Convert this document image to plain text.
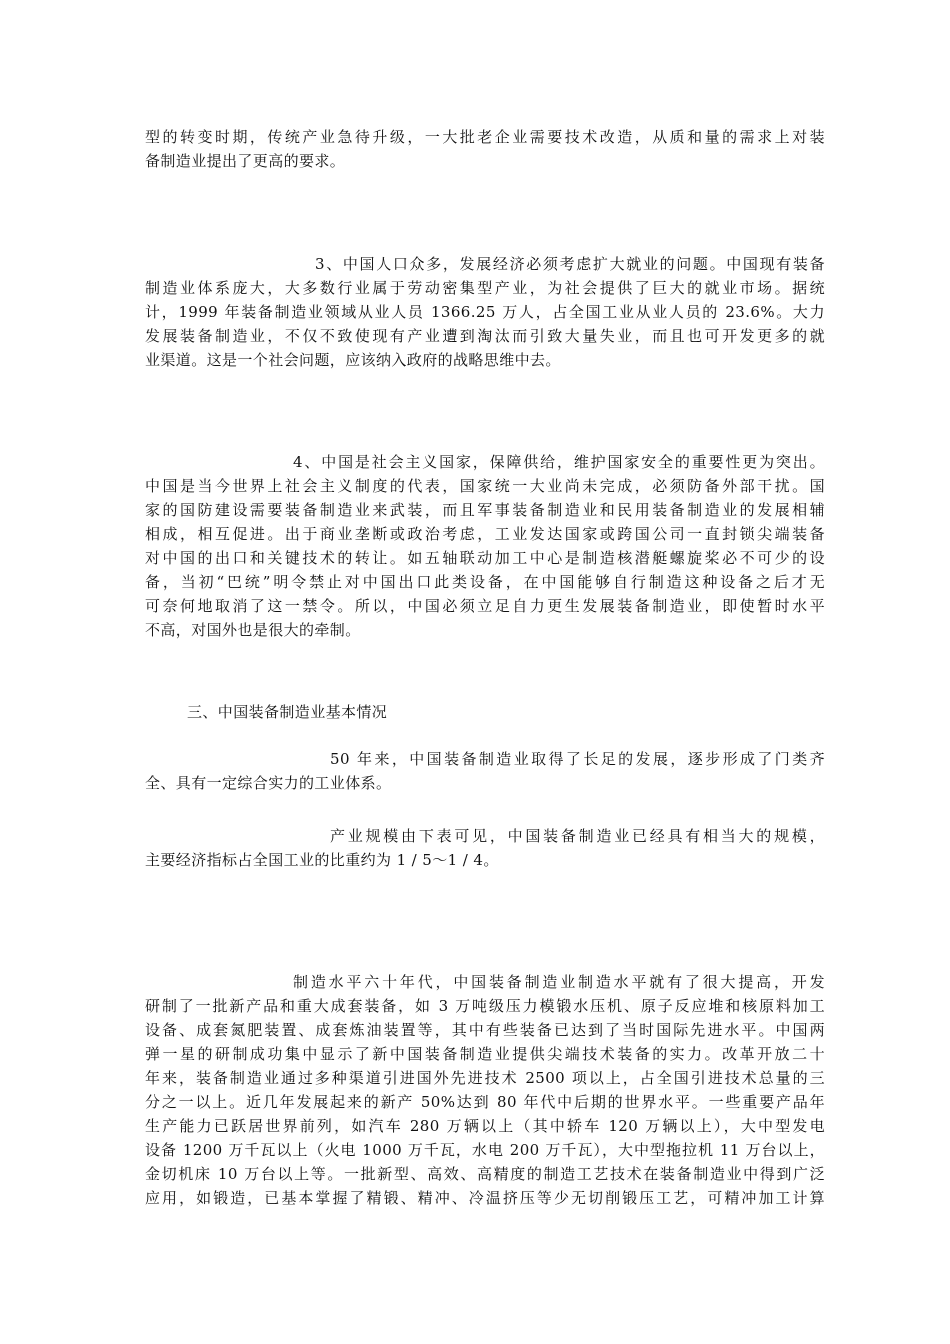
型的转变时期，传统产业急待升级，一大批老企业需要技术改造，从质和量的需求上对装
备制造业提出了更高的要求。
3、中国人口众多，发展经济必须考虑扩大就业的问题。中国现有装备
制造业体系庞大，大多数行业属于劳动密集型产业，为社会提供了巨大的就业市场。据统
计，1999 年装备制造业领域从业人员 1366.25 万人，占全国工业从业人员的 23.6%。大力
发展装备制造业，不仅不致使现有产业遭到淘汰而引致大量失业，而且也可开发更多的就
业渠道。这是一个社会问题，应该纳入政府的战略思维中去。
4、中国是社会主义国家，保障供给，维护国家安全的重要性更为突出。
中国是当今世界上社会主义制度的代表，国家统一大业尚未完成，必须防备外部干扰。国
家的国防建设需要装备制造业来武装，而且军事装备制造业和民用装备制造业的发展相辅
相成，相互促进。出于商业垄断或政治考虑，工业发达国家或跨国公司一直封锁尖端装备
对中国的出口和关键技术的转让。如五轴联动加工中心是制造核潜艇螺旋桨必不可少的设
备，当初“巴统”明令禁止对中国出口此类设备，在中国能够自行制造这种设备之后才无
可奈何地取消了这一禁令。所以，中国必须立足自力更生发展装备制造业，即使暂时水平
不高，对国外也是很大的牵制。
三、中国装备制造业基本情况
50 年来，中国装备制造业取得了长足的发展，逐步形成了门类齐
全、具有一定综合实力的工业体系。
产业规模由下表可见，中国装备制造业已经具有相当大的规模，
主要经济指标占全国工业的比重约为 1 / 5～1 / 4。
制造水平六十年代，中国装备制造业制造水平就有了很大提高，开发
研制了一批新产品和重大成套装备，如 3 万吨级压力模锻水压机、原子反应堆和核原料加工
设备、成套氮肥装置、成套炼油装置等，其中有些装备已达到了当时国际先进水平。中国两
弹一星的研制成功集中显示了新中国装备制造业提供尖端技术装备的实力。改革开放二十
年来，装备制造业通过多种渠道引进国外先进技术 2500 项以上，占全国引进技术总量的三
分之一以上。近几年发展起来的新产 50%达到 80 年代中后期的世界水平。一些重要产品年
生产能力已跃居世界前列，如汽车 280 万辆以上（其中轿车 120 万辆以上），大中型发电
设备 1200 万千瓦以上（火电 1000 万千瓦，水电 200 万千瓦），大中型拖拉机 11 万台以上，
金切机床 10 万台以上等。一批新型、高效、高精度的制造工艺技术在装备制造业中得到广泛
应用，如锻造，已基本掌握了精锻、精冲、冷温挤压等少无切削锻压工艺，可精冲加工计算
